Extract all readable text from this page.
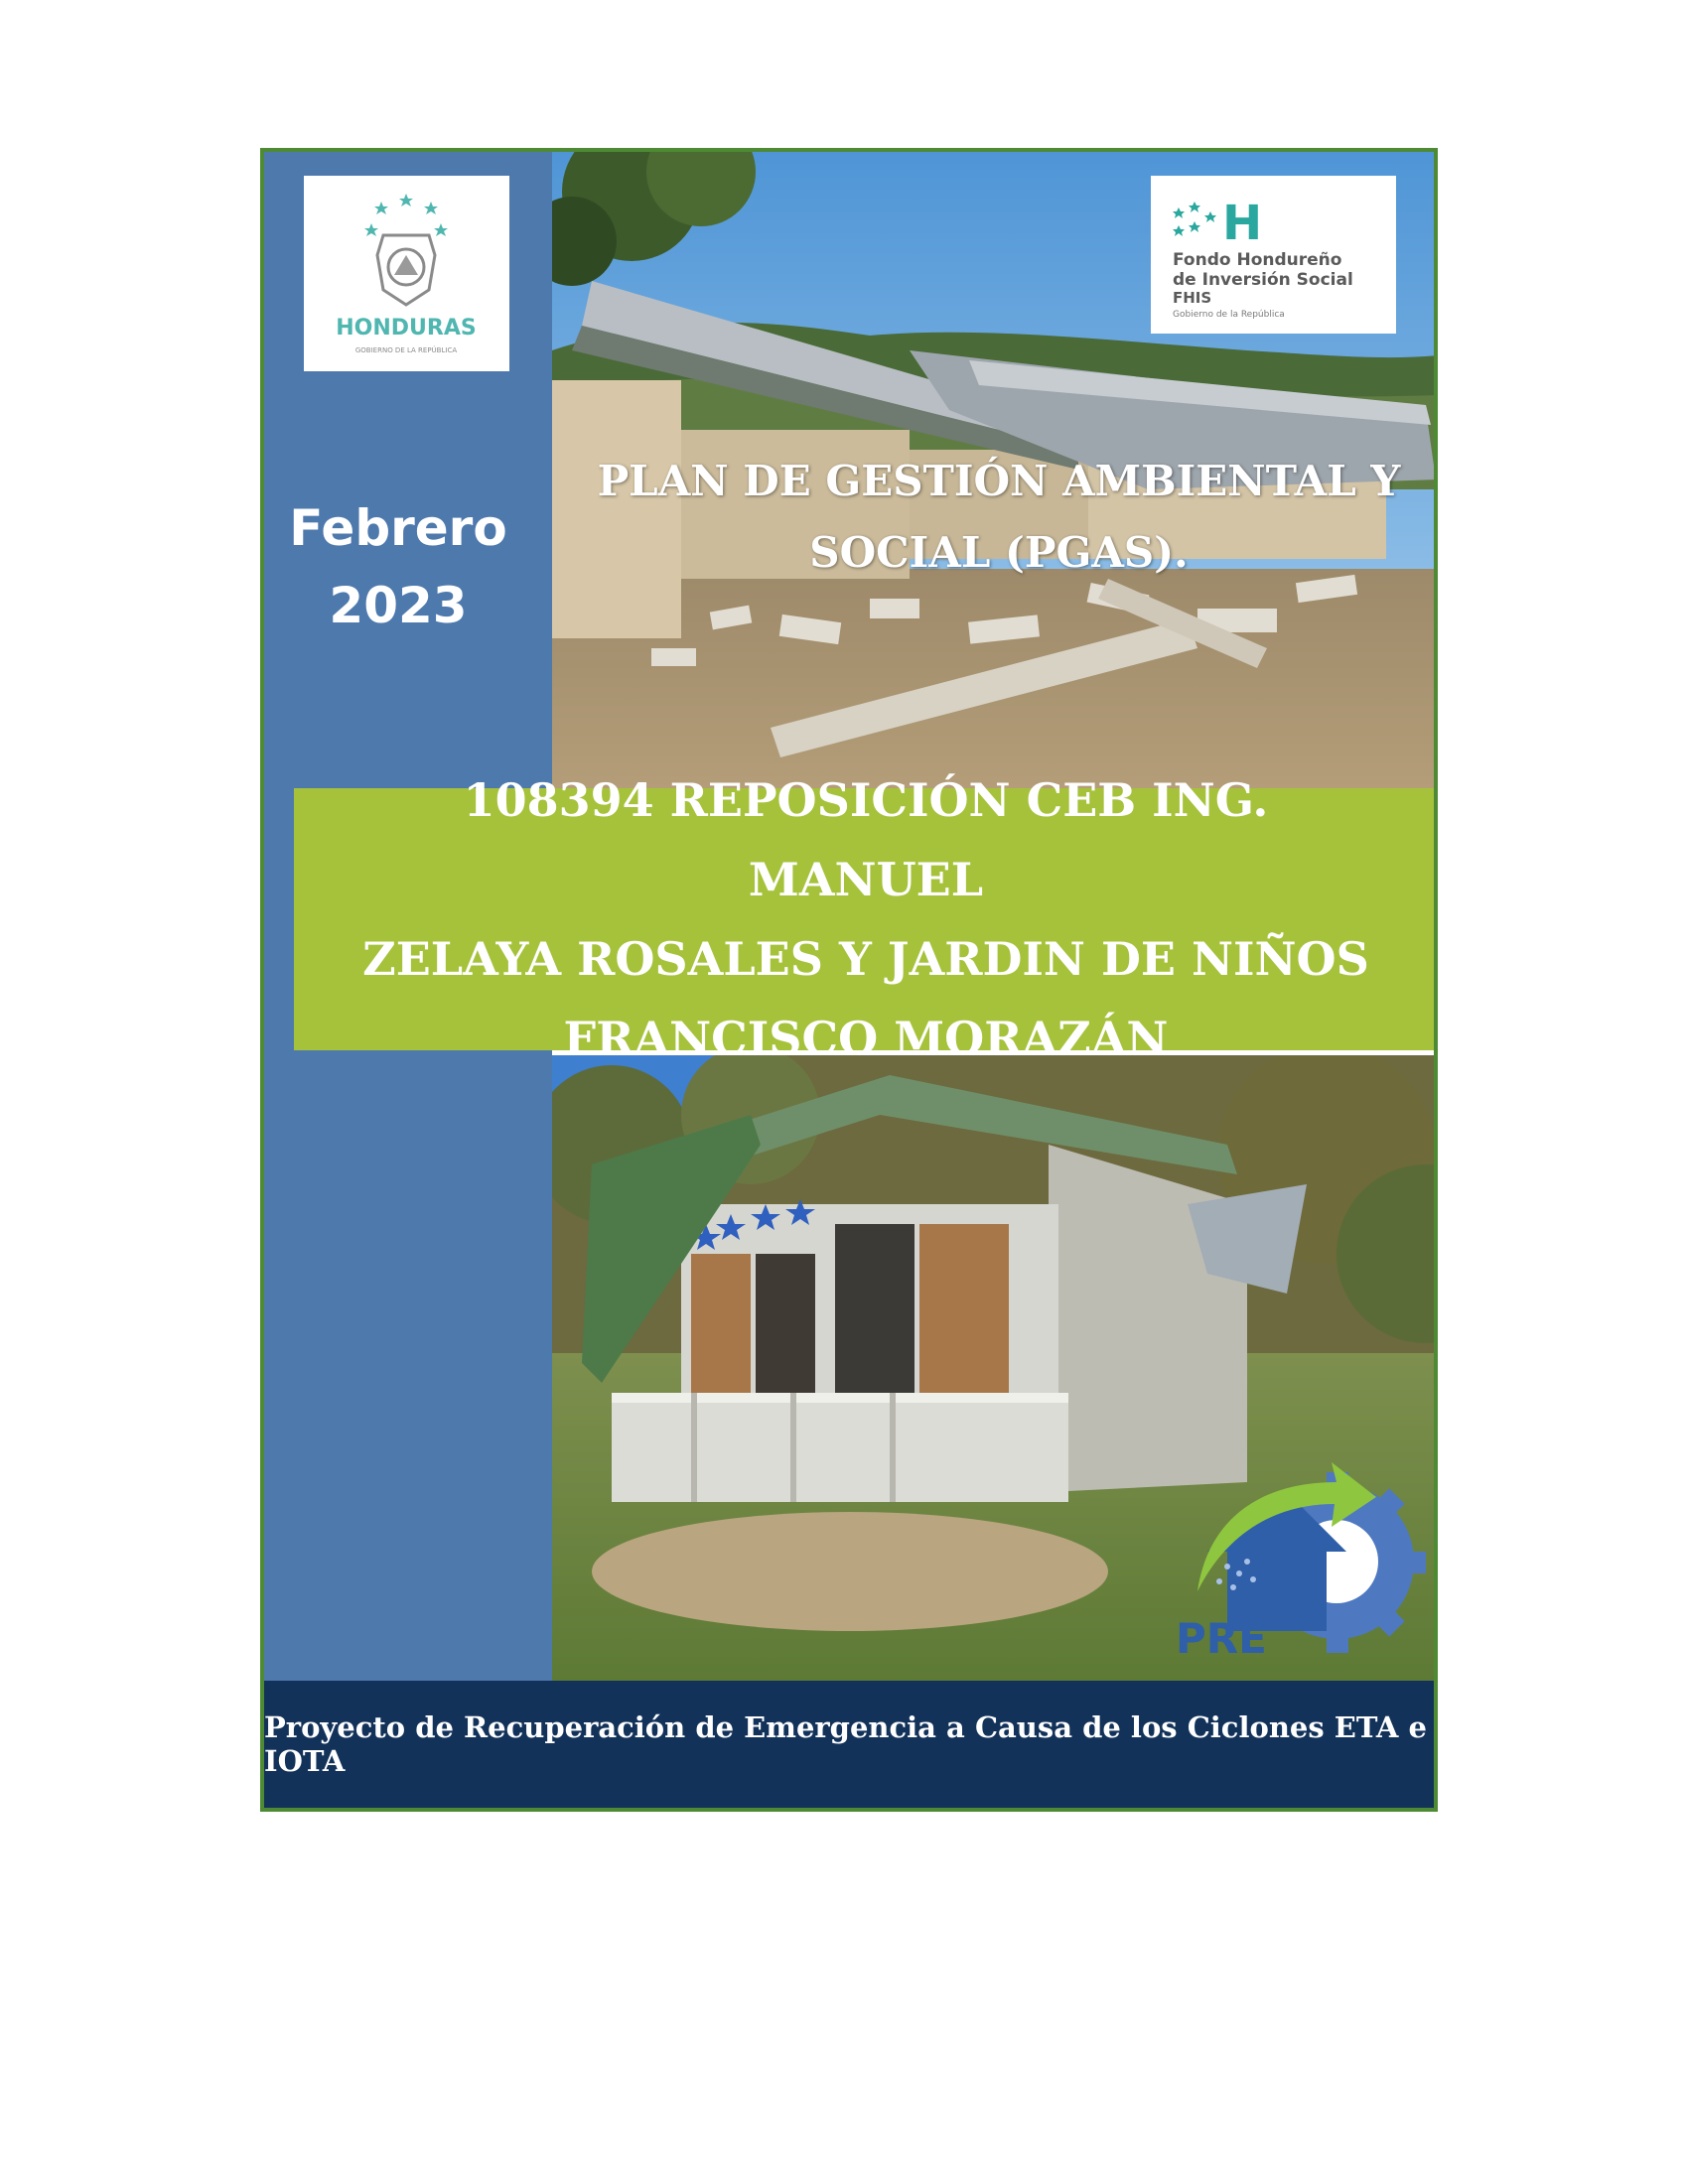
HONDURAS
GOBIERNO DE LA REPÚBLICA
H
Fondo Hondureño
de Inversión Social
FHIS
Gobierno de la República
Febrero
2023
PLAN DE GESTIÓN AMBIENTAL Y
SOCIAL (PGAS).
108394 REPOSICIÓN CEB ING. MANUEL
ZELAYA ROSALES Y JARDIN DE NIÑOS
FRANCISCO MORAZÁN
PRE
Proyecto de Recuperación de Emergencia a Causa de los Ciclones ETA e IOTA
